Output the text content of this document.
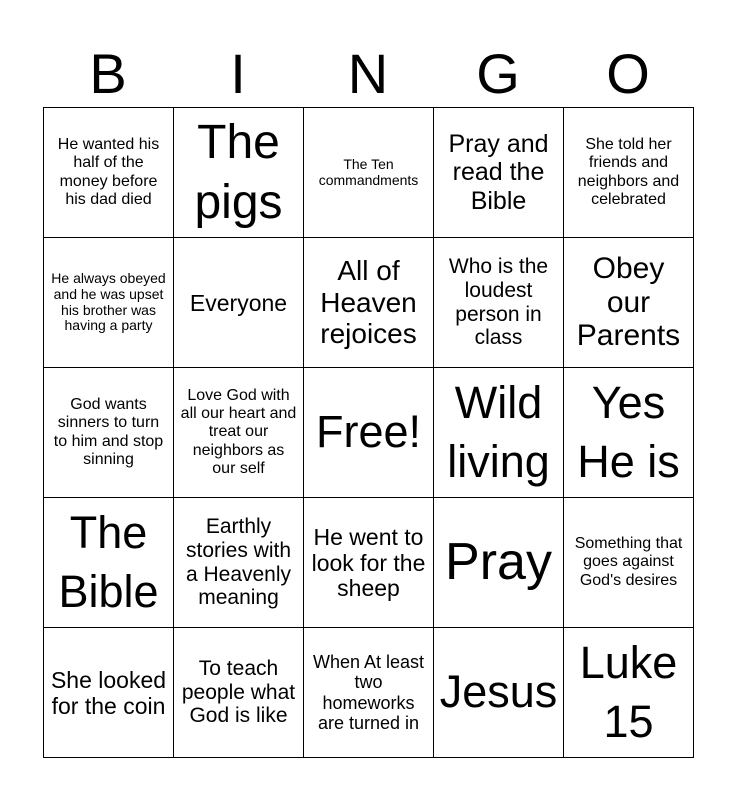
B	I	N	G	O
He wanted his half of the money before his dad died
The pigs
The Ten commandments
Pray and read the Bible
She told her friends and neighbors and celebrated
He always obeyed and he was upset his brother was having a party
Everyone
All of Heaven rejoices
Who is the loudest person in class
Obey our Parents
God wants sinners to turn to him and stop sinning
Love God with all our heart and treat our neighbors as our self
Free!
Wild living
Yes He is
The Bible
Earthly stories with a Heavenly meaning
He went to look for the sheep Pray Something that goes against God's desires
She looked for the coin
To teach people what God is like
When At least two homeworks are turned in
Jesus
Luke 15
